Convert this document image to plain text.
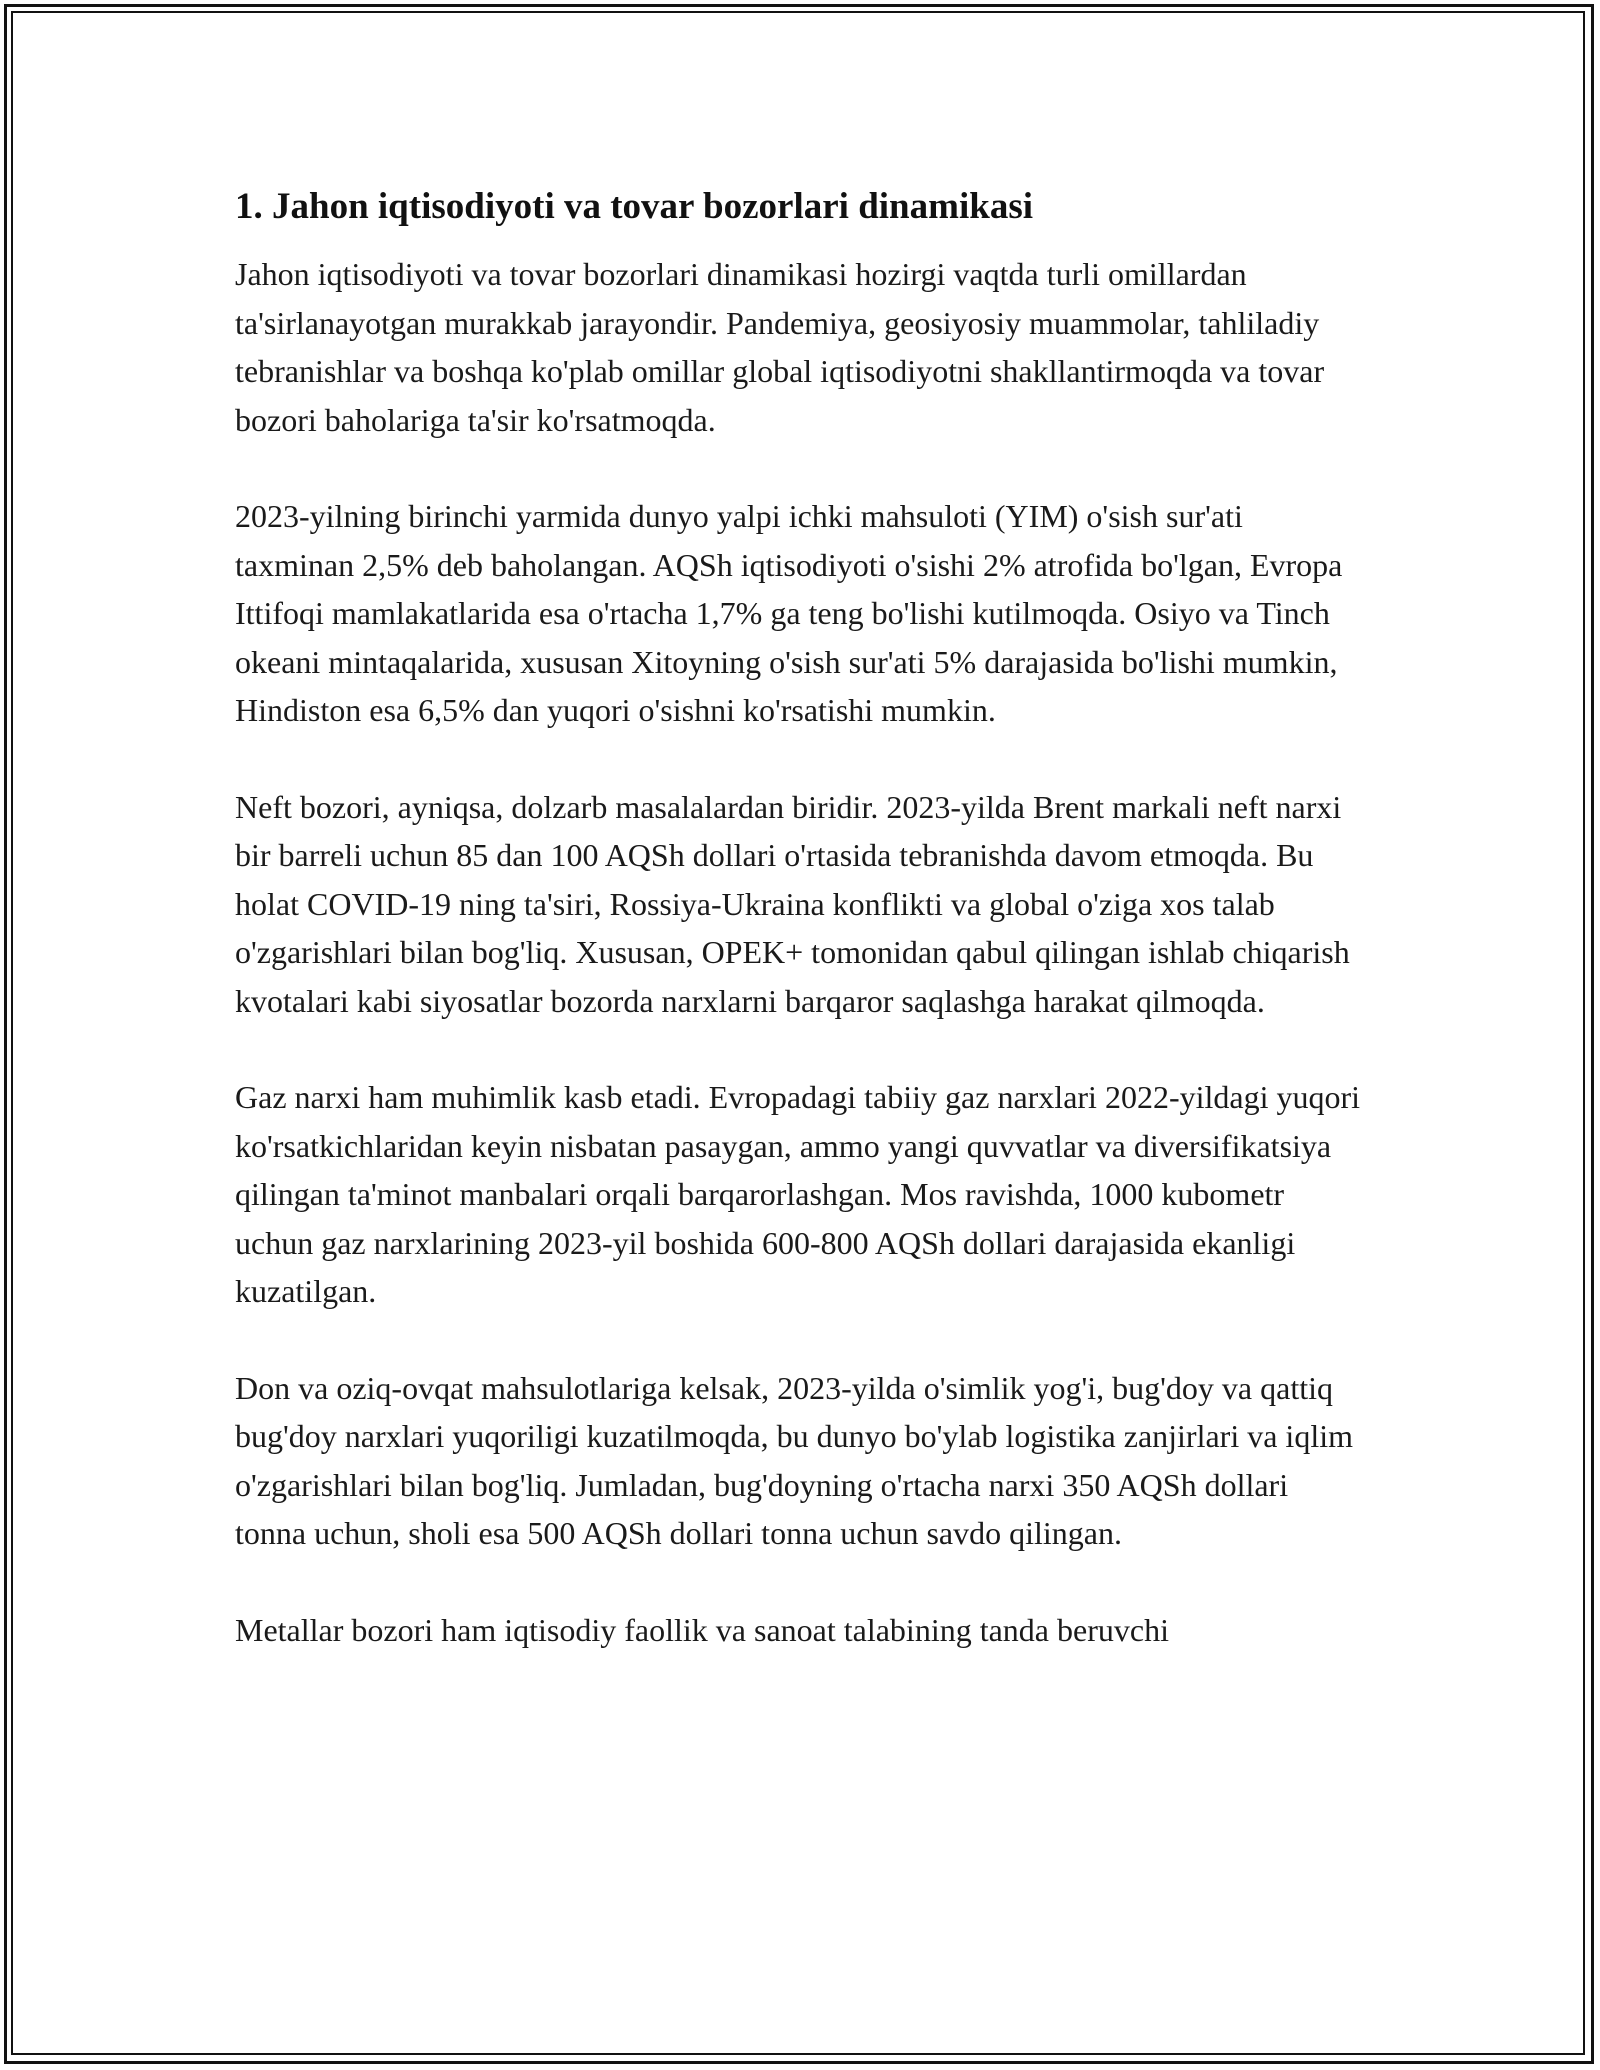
1. Jahon iqtisodiyoti va tovar bozorlari dinamikasi

Jahon iqtisodiyoti va tovar bozorlari dinamikasi hozirgi vaqtda turli omillardan ta'sirlanayotgan murakkab jarayondir. Pandemiya, geosiyosiy muammolar, tahliladiy tebranishlar va boshqa ko'plab omillar global iqtisodiyotni shakllantirmoqda va tovar bozori baholariga ta'sir ko'rsatmoqda.

2023-yilning birinchi yarmida dunyo yalpi ichki mahsuloti (YIM) o'sish sur'ati taxminan 2,5% deb baholangan. AQSh iqtisodiyoti o'sishi 2% atrofida bo'lgan, Evropa Ittifoqi mamlakatlarida esa o'rtacha 1,7% ga teng bo'lishi kutilmoqda. Osiyo va Tinch okeani mintaqalarida, xususan Xitoyning o'sish sur'ati 5% darajasida bo'lishi mumkin, Hindiston esa 6,5% dan yuqori o'sishni ko'rsatishi mumkin.

Neft bozori, ayniqsa, dolzarb masalalardan biridir. 2023-yilda Brent markali neft narxi bir barreli uchun 85 dan 100 AQSh dollari o'rtasida tebranishda davom etmoqda. Bu holat COVID-19 ning ta'siri, Rossiya-Ukraina konflikti va global o'ziga xos talab o'zgarishlari bilan bog'liq. Xususan, OPEK+ tomonidan qabul qilingan ishlab chiqarish kvotalari kabi siyosatlar bozorda narxlarni barqaror saqlashga harakat qilmoqda.

Gaz narxi ham muhimlik kasb etadi. Evropadagi tabiiy gaz narxlari 2022-yildagi yuqori ko'rsatkichlaridan keyin nisbatan pasaygan, ammo yangi quvvatlar va diversifikatsiya qilingan ta'minot manbalari orqali barqarorlashgan. Mos ravishda, 1000 kubometr uchun gaz narxlarining 2023-yil boshida 600-800 AQSh dollari darajasida ekanligi kuzatilgan.

Don va oziq-ovqat mahsulotlariga kelsak, 2023-yilda o'simlik yog'i, bug'doy va qattiq bug'doy narxlari yuqoriligi kuzatilmoqda, bu dunyo bo'ylab logistika zanjirlari va iqlim o'zgarishlari bilan bog'liq. Jumladan, bug'doyning o'rtacha narxi 350 AQSh dollari tonna uchun, sholi esa 500 AQSh dollari tonna uchun savdo qilingan.

Metallar bozori ham iqtisodiy faollik va sanoat talabining tanda beruvchi
